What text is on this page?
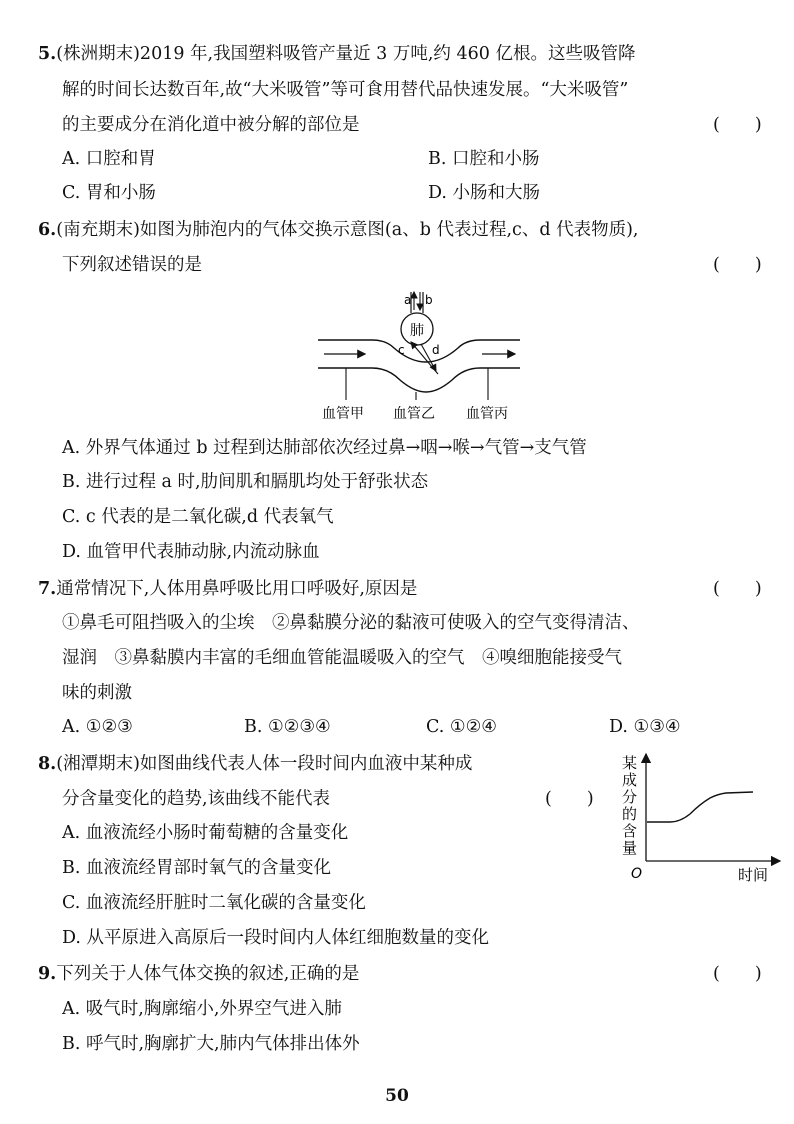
5.(株洲期末)2019 年,我国塑料吸管产量近 3 万吨,约 460 亿根。这些吸管降
解的时间长达数百年,故“大米吸管”等可食用替代品快速发展。“大米吸管”
的主要成分在消化道中被分解的部位是	(　　)
A. 口腔和胃	B. 口腔和小肠
C. 胃和小肠	D. 小肠和大肠
6.(南充期末)如图为肺泡内的气体交换示意图(a、b 代表过程,c、d 代表物质),
下列叙述错误的是	(　　)
肺
a b
c d
血管甲 血管乙 血管丙
A. 外界气体通过 b 过程到达肺部依次经过鼻→咽→喉→气管→支气管
B. 进行过程 a 时,肋间肌和膈肌均处于舒张状态
C. c 代表的是二氧化碳,d 代表氧气
D. 血管甲代表肺动脉,内流动脉血
7.通常情况下,人体用鼻呼吸比用口呼吸好,原因是	(　　)
①鼻毛可阻挡吸入的尘埃　②鼻黏膜分泌的黏液可使吸入的空气变得清洁、
湿润　③鼻黏膜内丰富的毛细血管能温暖吸入的空气　④嗅细胞能接受气
味的刺激
A. ①②③	B. ①②③④	C. ①②④	D. ①③④
8.(湘潭期末)如图曲线代表人体一段时间内血液中某种成
分含量变化的趋势,该曲线不能代表	(　　)
A. 血液流经小肠时葡萄糖的含量变化
B. 血液流经胃部时氧气的含量变化
C. 血液流经肝脏时二氧化碳的含量变化
D. 从平原进入高原后一段时间内人体红细胞数量的变化
某
成
分
的
含
量
O	时间
9.下列关于人体气体交换的叙述,正确的是	(　　)
A. 吸气时,胸廓缩小,外界空气进入肺
B. 呼气时,胸廓扩大,肺内气体排出体外
50
